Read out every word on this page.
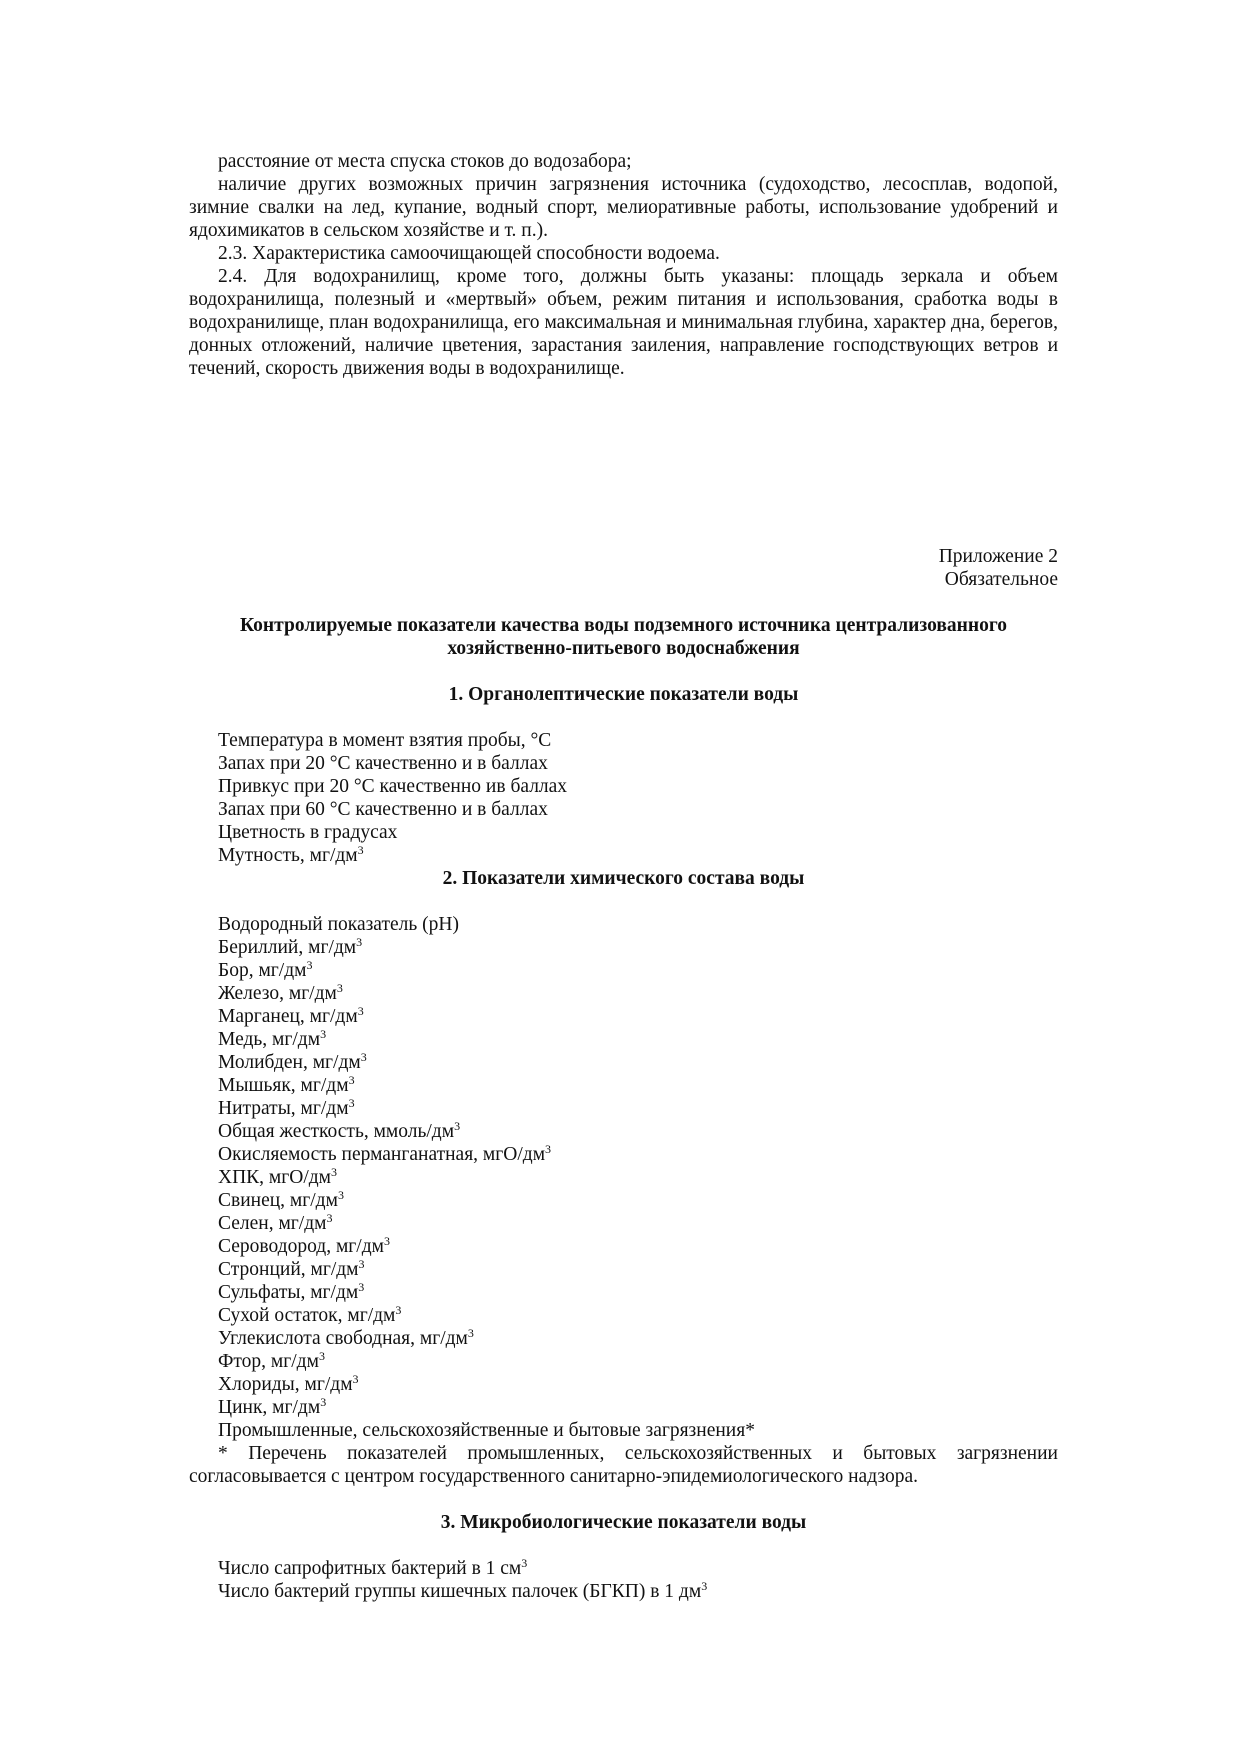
расстояние от места спуска стоков до водозабора;

наличие других возможных причин загрязнения источника (судоходство, лесосплав, водопой, зимние свалки на лед, купание, водный спорт, мелиоративные работы, использование удобрений и ядохимикатов в сельском хозяйстве и т. п.).

2.3. Характеристика самоочищающей способности водоема.

2.4. Для водохранилищ, кроме того, должны быть указаны: площадь зеркала и объем водохранилища, полезный и «мертвый» объем, режим питания и использования, сработка воды в водохранилище, план водохранилища, его максимальная и минимальная глубина, характер дна, берегов, донных отложений, наличие цветения, зарастания заиления, направление господствующих ветров и течений, скорость движения воды в водохранилище.

Приложение 2

Обязательное

Контролируемые показатели качества воды подземного источника централизованного хозяйственно-питьевого водоснабжения

1. Органолептические показатели воды

Температура в момент взятия пробы, °С

Запах при 20 °С качественно и в баллах

Привкус при 20 °С качественно ив баллах

Запах при 60 °С качественно и в баллах

Цветность в градусах

Мутность, $мг/дм^3$

2. Показатели химического состава воды

Водородный показатель (рН)

Бериллий, $мг/дм^3$

Бор, $мг/дм^3$

Железо, $мг/дм^3$

Марганец, $мг/дм^3$

Медь, $мг/дм^3$

Молибден, $мг/дм^3$

Мышьяк, $мг/дм^3$

Нитраты, $мг/дм^3$

Общая жесткость, ммоль/$дм^3$

Окисляемость перманганатная, мгО/$дм^3$

ХПК, мгО/$дм^3$

Свинец, $мг/дм^3$

Селен, $мг/дм^3$

Сероводород, $мг/дм^3$

Стронций, $мг/дм^3$

Сульфаты, $мг/дм^3$

Сухой остаток, $мг/дм^3$

Углекислота свободная, $мг/дм^3$

Фтор, $мг/дм^3$

Хлориды, $мг/дм^3$

Цинк, $мг/дм^3$

Промышленные, сельскохозяйственные и бытовые загрязнения*

* Перечень показателей промышленных, сельскохозяйственных и бытовых загрязнении согласовывается с центром государственного санитарно-эпидемиологического надзора.

3. Микробиологические показатели воды

Число сапрофитных бактерий в 1 $см^3$

Число бактерий группы кишечных палочек (БГКП) в 1 $дм^3$
